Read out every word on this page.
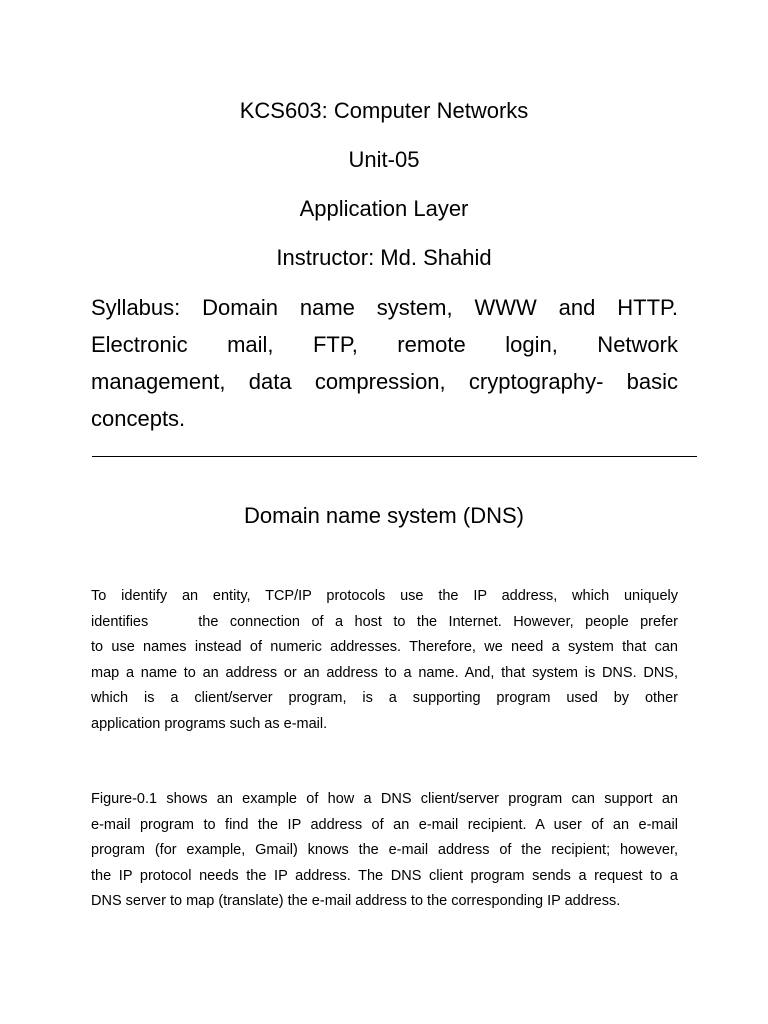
KCS603: Computer Networks
Unit-05
Application Layer
Instructor: Md. Shahid
Syllabus: Domain name system, WWW and HTTP.
Electronic mail, FTP, remote login, Network
management, data compression, cryptography- basic
concepts.
Domain name system (DNS)
To identify an entity, TCP/IP protocols use the IP address, which uniquely
identifies	the connection of a host to the Internet. However, people prefer
to use names instead of numeric addresses. Therefore, we need a system that can
map a name to an address or an address to a name. And, that system is DNS. DNS,
which is a client/server program, is a supporting program used by other
application programs such as e-mail.
Figure-0.1 shows an example of how a DNS client/server program can support an
e-mail program to find the IP address of an e-mail recipient. A user of an e-mail
program (for example, Gmail) knows the e-mail address of the recipient; however,
the IP protocol needs the IP address. The DNS client program sends a request to a
DNS server to map (translate) the e-mail address to the corresponding IP address.
